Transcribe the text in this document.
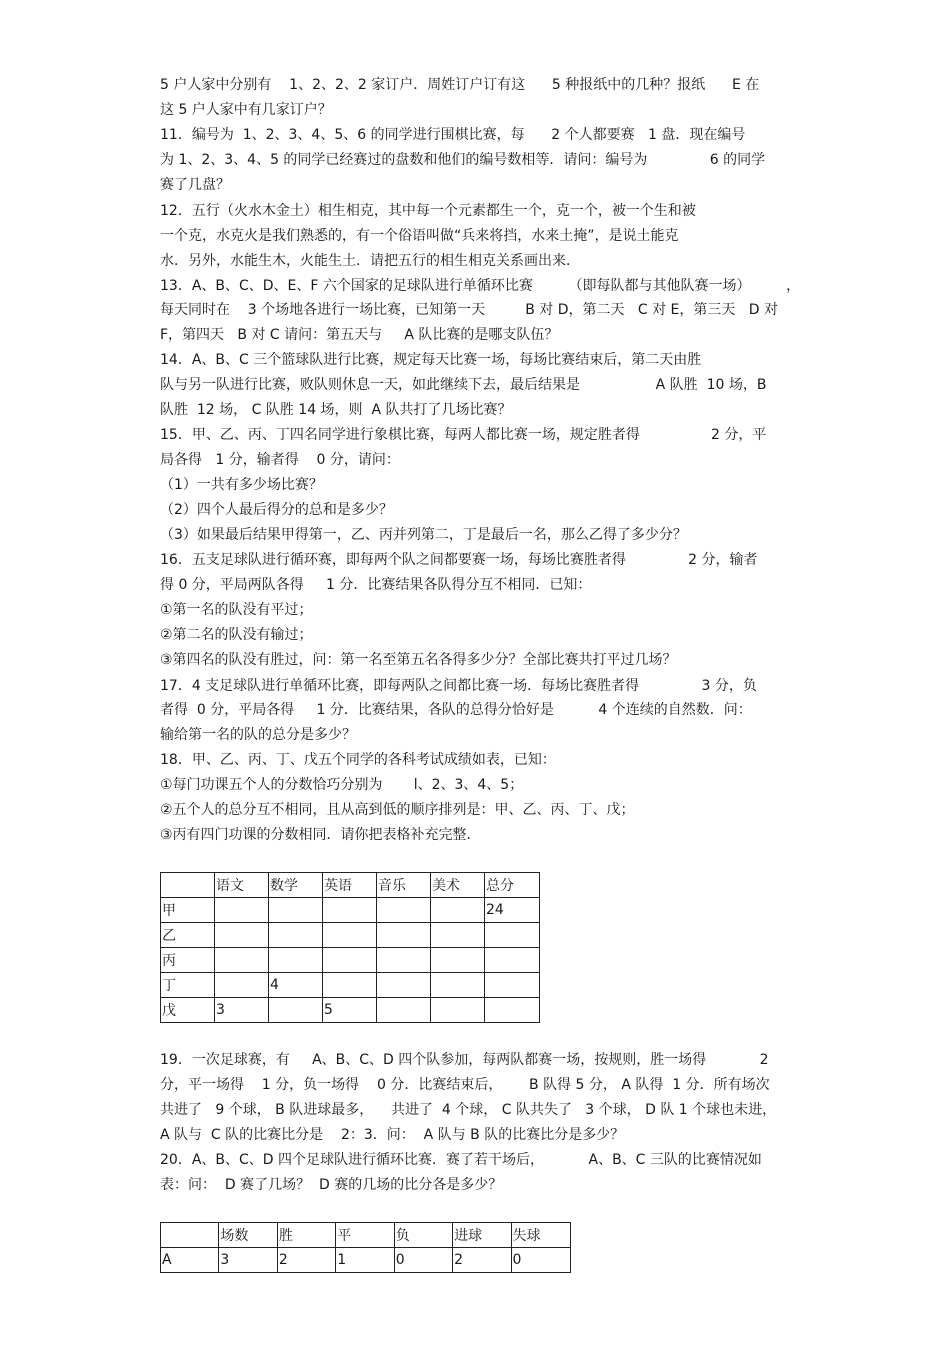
5 户人家中分别有    1、2、2、2 家订户．周姓订户订有这      5 种报纸中的几种？报纸      E 在
这 5 户人家中有几家订户？
11．编号为  1、2、3、4、5、6 的同学进行围棋比赛，每      2 个人都要赛   1 盘．现在编号
为 1、2、3、4、5 的同学已经赛过的盘数和他们的编号数相等．请问：编号为              6 的同学
赛了几盘？
12．五行（火水木金土）相生相克，其中每一个元素都生一个，克一个，被一个生和被
一个克，水克火是我们熟悉的，有一个俗语叫做“兵来将挡，水来土掩”，是说土能克
水．另外，水能生木，火能生土．请把五行的相生相克关系画出来．
13．A、B、C、D、E、F 六个国家的足球队进行单循环比赛        （即每队都与其他队赛一场）        ，
每天同时在    3 个场地各进行一场比赛，已知第一天         B 对 D，第二天   C 对 E，第三天   D 对
F，第四天   B 对 C 请问：第五天与     A 队比赛的是哪支队伍？
14．A、B、C 三个篮球队进行比赛，规定每天比赛一场，每场比赛结束后，第二天由胜
队与另一队进行比赛，败队则休息一天，如此继续下去，最后结果是                 A 队胜  10 场，B
队胜  12 场， C 队胜 14 场，则  A 队共打了几场比赛？
15．甲、乙、丙、丁四名同学进行象棋比赛，每两人都比赛一场，规定胜者得                2 分，平
局各得   1 分，输者得    0 分，请问：
（1）一共有多少场比赛？
（2）四个人最后得分的总和是多少？
（3）如果最后结果甲得第一，乙、丙并列第二，丁是最后一名，那么乙得了多少分？
16．五支足球队进行循环赛，即每两个队之间都要赛一场，每场比赛胜者得              2 分，输者
得 0 分，平局两队各得     1 分．比赛结果各队得分互不相同．已知：
①第一名的队没有平过；
②第二名的队没有输过；
③第四名的队没有胜过，问：第一名至第五名各得多少分？全部比赛共打平过几场？
17．4 支足球队进行单循环比赛，即每两队之间都比赛一场．每场比赛胜者得              3 分，负
者得  0 分，平局各得     1 分．比赛结果，各队的总得分恰好是          4 个连续的自然数．问：
输给第一名的队的总分是多少？
18．甲、乙、丙、丁、戊五个同学的各科考试成绩如表，已知：
①每门功课五个人的分数恰巧分别为       l、2、3、4、5；
②五个人的总分互不相同，且从高到低的顺序排列是：甲、乙、丙、丁、戊；
③丙有四门功课的分数相同．请你把表格补充完整．
	语文	数学	英语	音乐	美术	总分
甲						24
乙						
丙						
丁		4				
戊	3		5			
19．一次足球赛，有     A、B、C、D 四个队参加，每两队都赛一场，按规则，胜一场得            2
分，平一场得    1 分，负一场得    0 分．比赛结束后，      B 队得 5 分， A 队得  1 分．所有场次
共进了   9 个球， B 队进球最多，    共进了  4 个球， C 队共失了   3 个球， D 队 1 个球也未进，
A 队与  C 队的比赛比分是    2：3．问：  A 队与 B 队的比赛比分是多少？
20．A、B、C、D 四个足球队进行循环比赛．赛了若干场后，          A、B、C 三队的比赛情况如
表：问：  D 赛了几场？  D 赛的几场的比分各是多少？
	场数	胜	平	负	进球	失球
A	3	2	1	0	2	0
